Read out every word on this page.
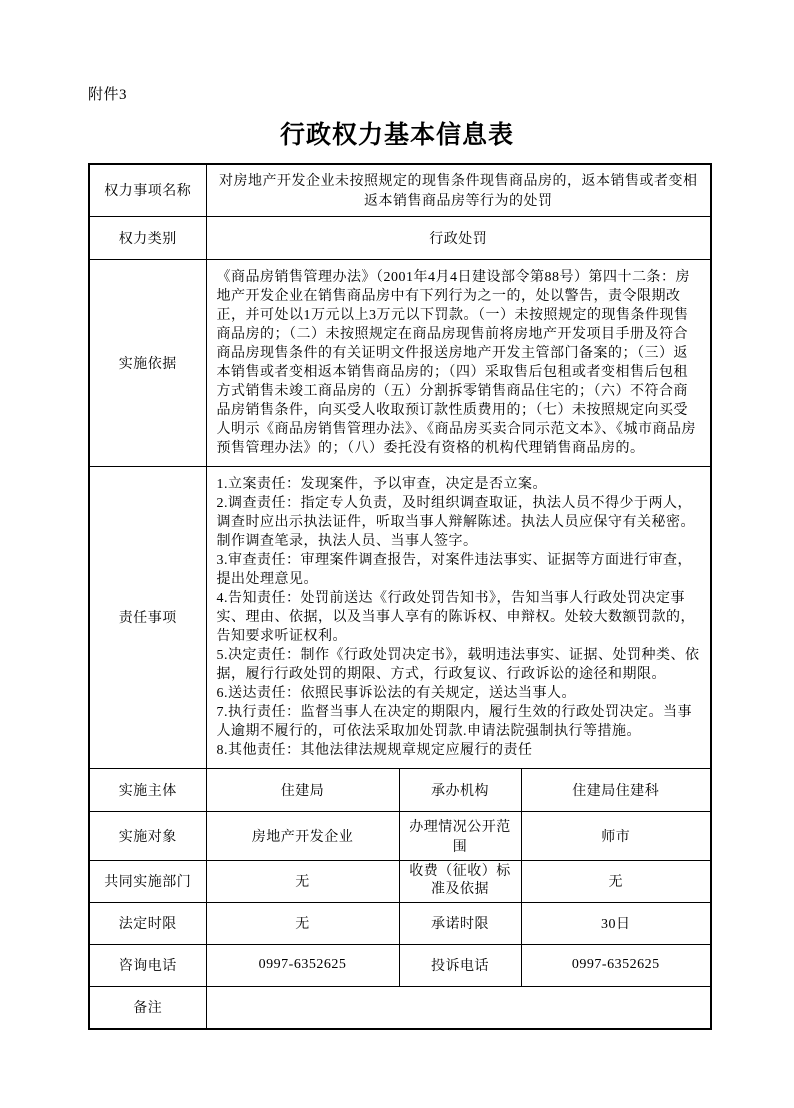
附件3

行政权力基本信息表
权力事项名称	对房地产开发企业未按照规定的现售条件现售商品房的，返本销售或者变相返本销售商品房等行为的处罚		
权力类别	行政处罚		
实施依据	《商品房销售管理办法》（2001年4月4日建设部令第88号）第四十二条：房地产开发企业在销售商品房中有下列行为之一的，处以警告，责令限期改正，并可处以1万元以上3万元以下罚款。（一）未按照规定的现售条件现售商品房的；（二）未按照规定在商品房现售前将房地产开发项目手册及符合商品房现售条件的有关证明文件报送房地产开发主管部门备案的；（三）返本销售或者变相返本销售商品房的；（四）采取售后包租或者变相售后包租方式销售未竣工商品房的（五）分割拆零销售商品住宅的；（六）不符合商品房销售条件，向买受人收取预订款性质费用的；（七）未按照规定向买受人明示《商品房销售管理办法》、《商品房买卖合同示范文本》、《城市商品房预售管理办法》的；（八）委托没有资格的机构代理销售商品房的。		
责任事项	
1.立案责任：发现案件，予以审查，决定是否立案。
2.调查责任：指定专人负责，及时组织调查取证，执法人员不得少于两人，调查时应出示执法证件，听取当事人辩解陈述。执法人员应保守有关秘密。制作调查笔录，执法人员、当事人签字。
3.审查责任：审理案件调查报告，对案件违法事实、证据等方面进行审查，提出处理意见。
4.告知责任：处罚前送达《行政处罚告知书》，告知当事人行政处罚决定事实、理由、依据，以及当事人享有的陈诉权、申辩权。处较大数额罚款的，告知要求听证权利。
5.决定责任：制作《行政处罚决定书》，载明违法事实、证据、处罚种类、依据，履行行政处罚的期限、方式，行政复议、行政诉讼的途径和期限。
6.送达责任：依照民事诉讼法的有关规定，送达当事人。
7.执行责任：监督当事人在决定的期限内，履行生效的行政处罚决定。当事人逾期不履行的，可依法采取加处罚款.申请法院强制执行等措施。
8.其他责任：其他法律法规规章规定应履行的责任

实施主体	住建局	承办机构	住建局住建科
实施对象	房地产开发企业	办理情况公开范围	师市
共同实施部门	无	收费（征收）标准及依据	无
法定时限	无	承诺时限	30日
咨询电话	0997-6352625	投诉电话	0997-6352625
备注			
